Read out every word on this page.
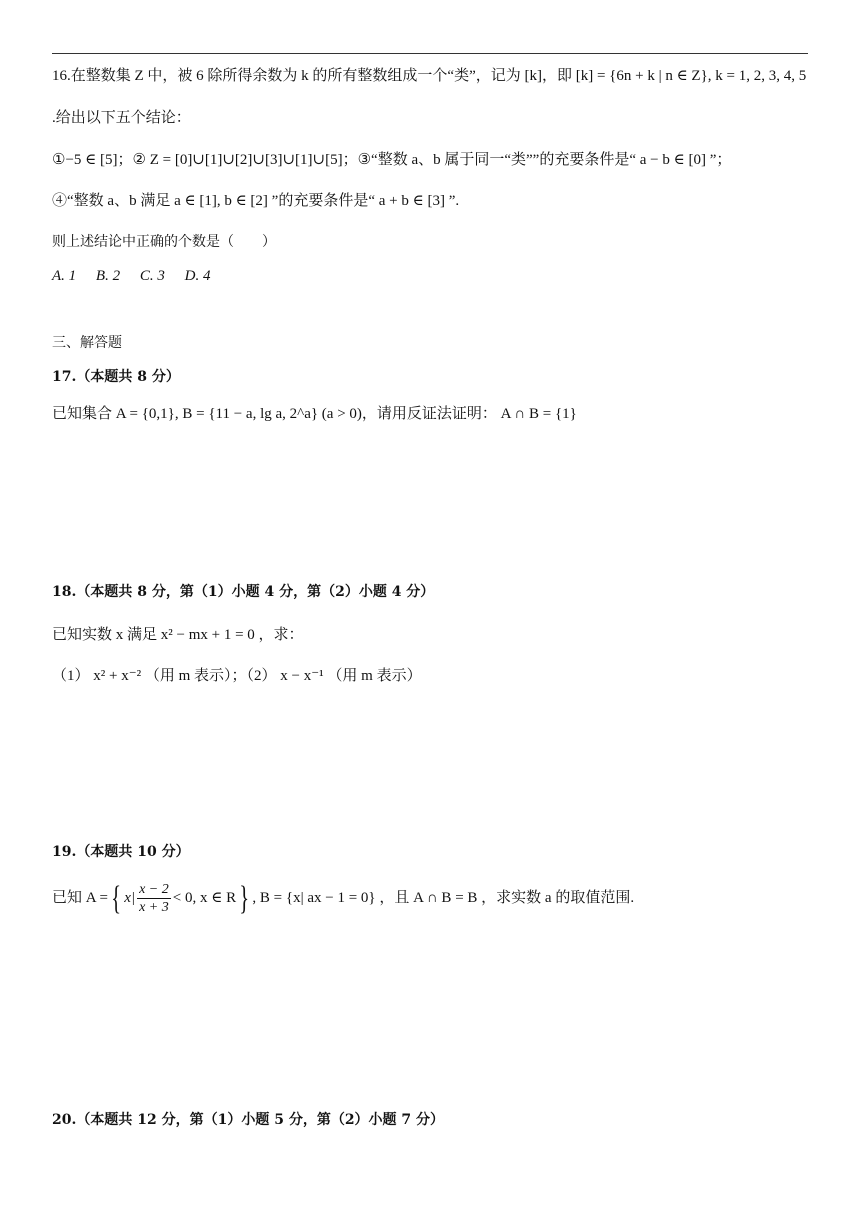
16.在整数集 Z 中，被 6 除所得余数为 k 的所有整数组成一个“类”，记为 [k]，即 [k] = {6n + k | n ∈ Z}, k = 1, 2, 3, 4, 5
.给出以下五个结论：
①−5 ∈ [5]；② Z = [0]∪[1]∪[2]∪[3]∪[1]∪[5]；③“整数 a、b 属于同一“类””的充要条件是“ a − b ∈ [0] ”；
④“整数 a、b 满足 a ∈ [1], b ∈ [2] ”的充要条件是“ a + b ∈ [3] ”.
则上述结论中正确的个数是（　　）
A. 1 B. 2 C. 3 D. 4
三、解答题
17.（本题共 8 分）
已知集合 A = {0,1}, B = {11 − a, lg a, 2^a} (a > 0)，请用反证法证明： A ∩ B = {1}
18.（本题共 8 分，第（1）小题 4 分，第（2）小题 4 分）
已知实数 x 满足 x² − mx + 1 = 0 ，求：
（1） x² + x⁻² （用 m 表示）；（2） x − x⁻¹ （用 m 表示）
19.（本题共 10 分）
已知 A ={ $x| \frac{x - 2}{x + 3} < 0$, x ∈ R} , B = {x| ax − 1 = 0} ，且 A ∩ B = B ，求实数 a 的取值范围.
20.（本题共 12 分，第（1）小题 5 分，第（2）小题 7 分）
